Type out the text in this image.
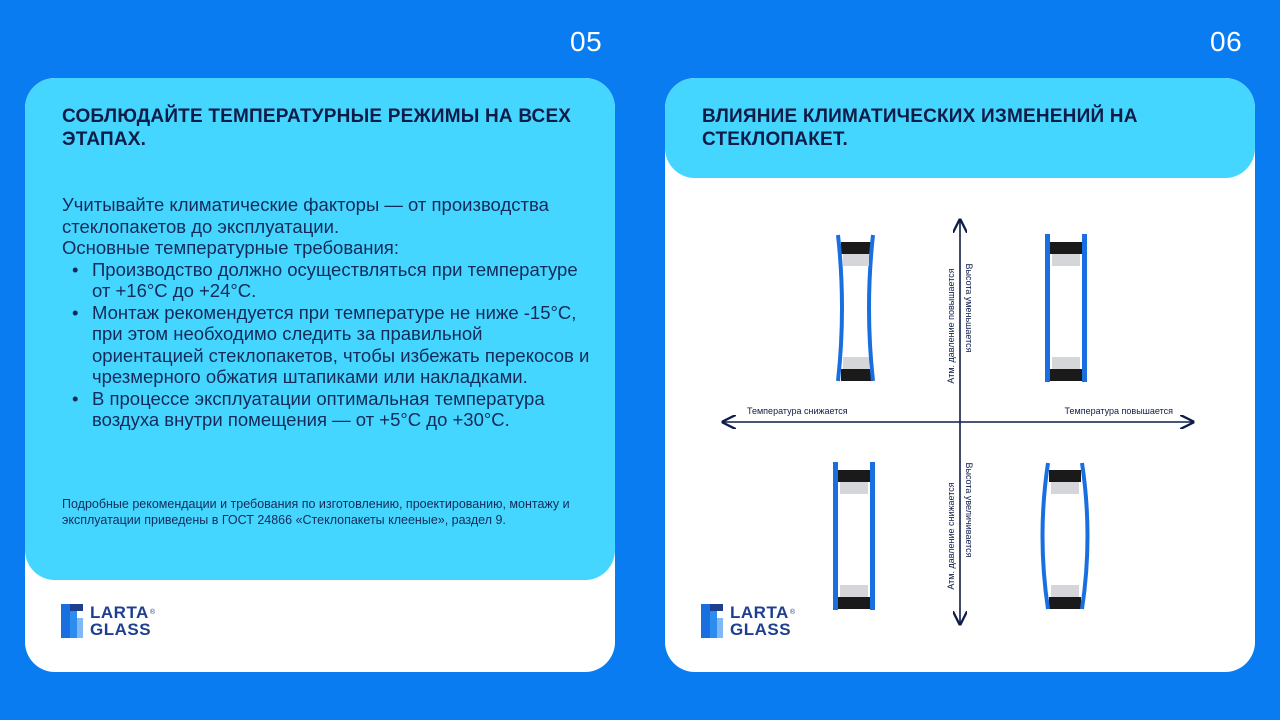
05	06
СОБЛЮДАЙТЕ ТЕМПЕРАТУРНЫЕ РЕЖИМЫ НА ВСЕХ ЭТАПАХ.

Учитывайте климатические факторы — от производства стеклопакетов до эксплуатации.

Основные температурные требования:

• Производство должно осуществляться при температуре от +16°С до +24°С.
• Монтаж рекомендуется при температуре не ниже -15°С, при этом необходимо следить за правильной ориентацией стеклопакетов, чтобы избежать перекосов и чрезмерного обжатия штапиками или накладками.
• В процессе эксплуатации оптимальная температура воздуха внутри помещения — от +5°С до +30°С.
Подробные рекомендации и требования по изготовлению, проектированию, монтажу и эксплуатации приведены в ГОСТ 24866 «Стеклопакеты клееные», раздел 9.
LARTA®
GLASS
ВЛИЯНИЕ КЛИМАТИЧЕСКИХ ИЗМЕНЕНИЙ НА СТЕКЛОПАКЕТ.
Температура снижается	Температура повышается
Атм. давление повышается Высота уменьшается
Атм. давление снижается Высота увеличивается
LARTA®
GLASS
